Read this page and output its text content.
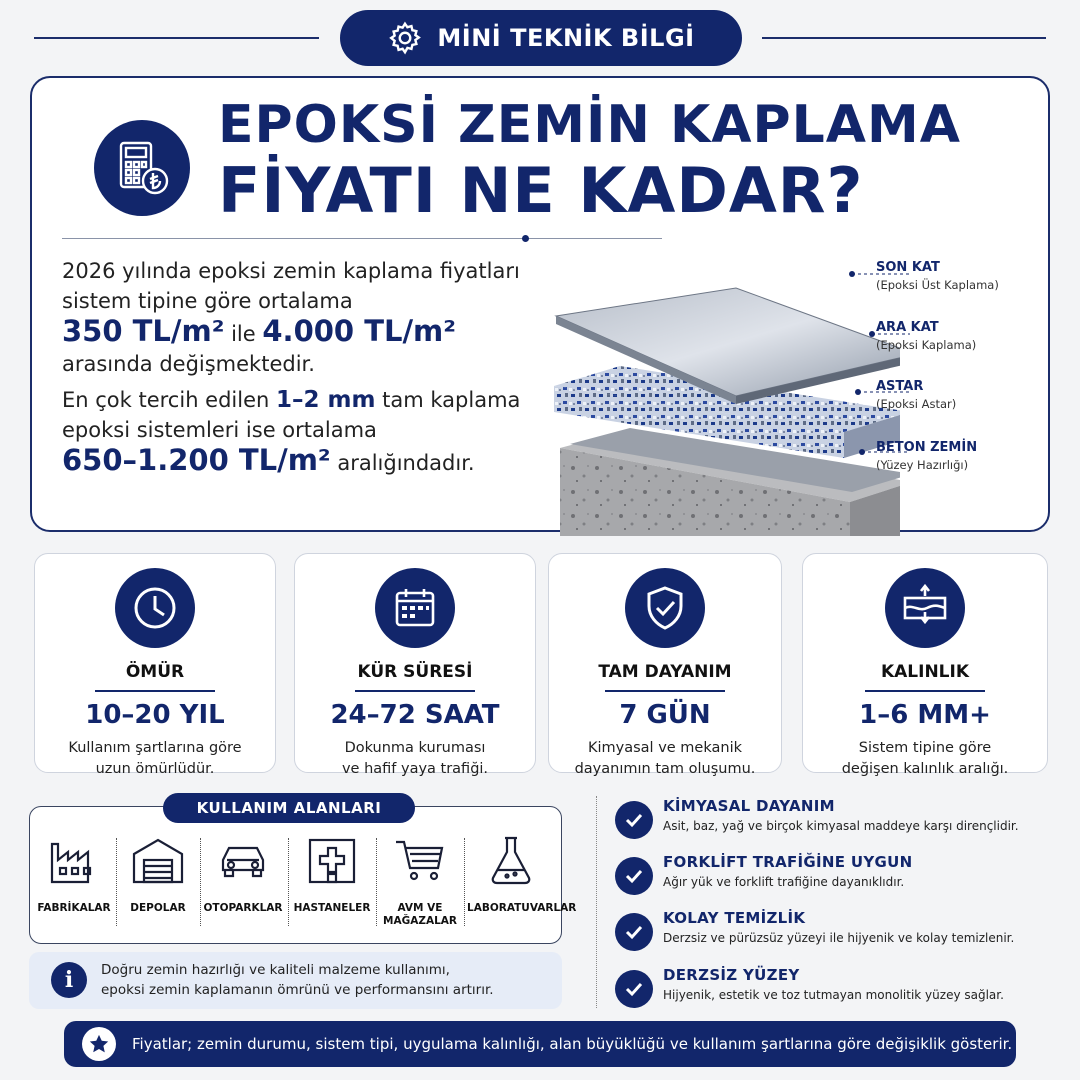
MİNİ TEKNİK BİLGİ
EPOKSİ ZEMİN KAPLAMA
FİYATI NE KADAR?

2026 yılında epoksi zemin kaplama fiyatları
sistem tipine göre ortalama
350 TL/m² ile 4.000 TL/m²
arasında değişmektedir.

En çok tercih edilen 1–2 mm tam kaplama
epoksi sistemleri ise ortalama
650–1.200 TL/m² aralığındadır.

SON KAT
(Epoksi Üst Kaplama)
ARA KAT
(Epoksi Kaplama)
ASTAR
(Epoksi Astar)
BETON ZEMİN
(Yüzey Hazırlığı)
ÖMÜR
10–20 YIL
Kullanım şartlarına göre
uzun ömürlüdür.
KÜR SÜRESİ
24–72 SAAT
Dokunma kuruması
ve hafif yaya trafiği.
TAM DAYANIM
7 GÜN
Kimyasal ve mekanik
dayanımın tam oluşumu.
KALINLIK
1–6 MM+
Sistem tipine göre
değişen kalınlık aralığı.
KULLANIM ALANLARI
FABRİKALAR	DEPOLAR	OTOPARKLAR	HASTANELER	AVM VE
MAĞAZALAR
LABORATUVARLAR
i	Doğru zemin hazırlığı ve kaliteli malzeme kullanımı,
epoksi zemin kaplamanın ömrünü ve performansını artırır.
KİMYASAL DAYANIM
Asit, baz, yağ ve birçok kimyasal maddeye karşı dirençlidir.
FORKLİFT TRAFİĞİNE UYGUN
Ağır yük ve forklift trafiğine dayanıklıdır.
KOLAY TEMİZLİK
Derzsiz ve pürüzsüz yüzeyi ile hijyenik ve kolay temizlenir.
DERZSİZ YÜZEY
Hijyenik, estetik ve toz tutmayan monolitik yüzey sağlar.
Fiyatlar; zemin durumu, sistem tipi, uygulama kalınlığı, alan büyüklüğü ve kullanım şartlarına göre değişiklik gösterir.
